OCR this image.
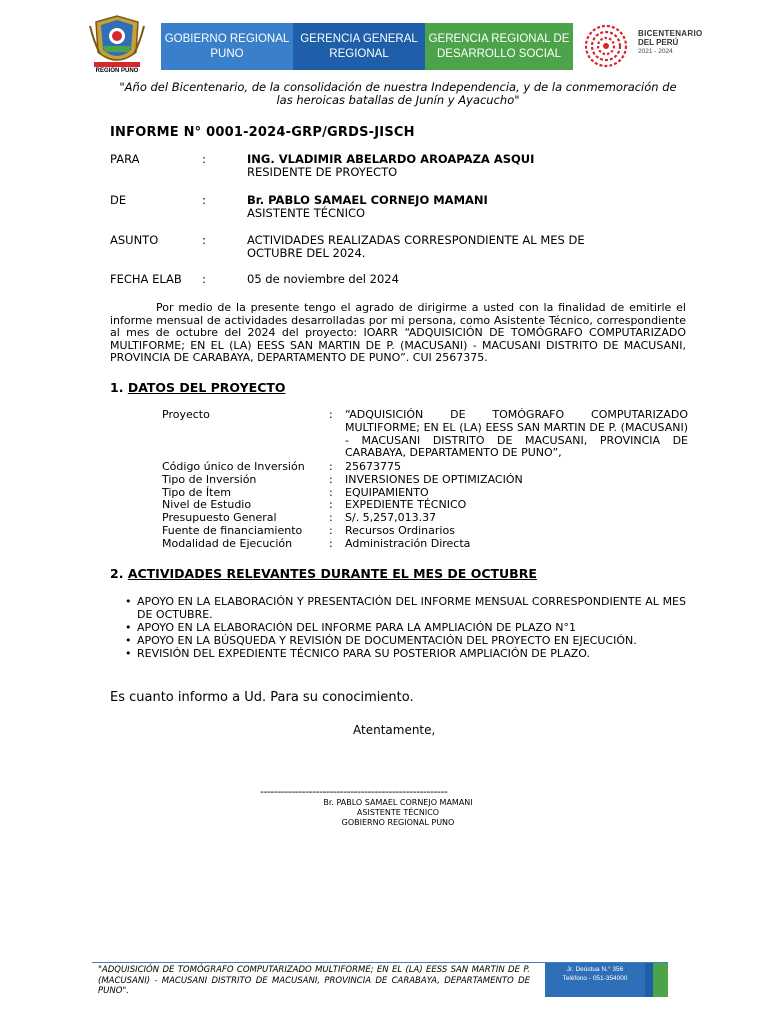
REGIÓN PUNO
GOBIERNO REGIONAL PUNO
GERENCIA GENERAL REGIONAL
GERENCIA REGIONAL DE DESARROLLO SOCIAL
BICENTENARIO
DEL PERÚ
2021 - 2024
"Año del Bicentenario, de la consolidación de nuestra Independencia, y de la conmemoración de las heroicas batallas de Junín y Ayacucho"
INFORME N° 0001-2024-GRP/GRDS-JISCH
PARA	:	ING. VLADIMIR ABELARDO AROAPAZA ASQUI
RESIDENTE DE PROYECTO
DE	:	Br. PABLO SAMAEL CORNEJO MAMANI
ASISTENTE TÉCNICO
ASUNTO	:	ACTIVIDADES REALIZADAS CORRESPONDIENTE AL MES DE OCTUBRE DEL 2024.
FECHA ELAB :	05 de noviembre del 2024
Por medio de la presente tengo el agrado de dirigirme a usted con la finalidad de emitirle el informe mensual de actividades desarrolladas por mi persona, como Asistente Técnico, correspondiente al mes de octubre del 2024 del proyecto: IOARR “ADQUISICIÓN DE TOMÓGRAFO COMPUTARIZADO MULTIFORME; EN EL (LA) EESS SAN MARTIN DE P. (MACUSANI) - MACUSANI DISTRITO DE MACUSANI, PROVINCIA DE CARABAYA, DEPARTAMENTO DE PUNO”. CUI 2567375.
1. DATOS DEL PROYECTO
Proyecto	: “ADQUISICIÓN DE TOMÓGRAFO COMPUTARIZADO MULTIFORME; EN EL (LA) EESS SAN MARTIN DE P. (MACUSANI) - MACUSANI DISTRITO DE MACUSANI, PROVINCIA DE CARABAYA, DEPARTAMENTO DE PUNO”,
Código único de Inversión : 25673775
Tipo de Inversión	: INVERSIONES DE OPTIMIZACIÓN
Tipo de Ítem	: EQUIPAMIENTO
Nivel de Estudio	: EXPEDIENTE TÉCNICO
Presupuesto General	: S/. 5,257,013.37
Fuente de financiamiento : Recursos Ordinarios
Modalidad de Ejecución	: Administración Directa
2. ACTIVIDADES RELEVANTES DURANTE EL MES DE OCTUBRE
• APOYO EN LA ELABORACIÓN Y PRESENTACIÓN DEL INFORME MENSUAL CORRESPONDIENTE AL MES DE OCTUBRE.
• APOYO EN LA ELABORACIÓN DEL INFORME PARA LA AMPLIACIÓN DE PLAZO N°1
• APOYO EN LA BÚSQUEDA Y REVISIÓN DE DOCUMENTACIÓN DEL PROYECTO EN EJECUCIÓN.
• REVISIÓN DEL EXPEDIENTE TÉCNICO PARA SU POSTERIOR AMPLIACIÓN DE PLAZO.
Es cuanto informo a Ud. Para su conocimiento.
Atentamente,
------------------------------------------------------
Br. PABLO SAMAEL CORNEJO MAMANI
ASISTENTE TÉCNICO
GOBIERNO REGIONAL PUNO
"ADQUISICIÓN DE TOMÓGRAFO COMPUTARIZADO MULTIFORME; EN EL (LA) EESS SAN MARTIN DE P. (MACUSANI) - MACUSANI DISTRITO DE MACUSANI, PROVINCIA DE CARABAYA, DEPARTAMENTO DE PUNO".
Jr. Deústua N.° 356
Teléfono - 051-354000
